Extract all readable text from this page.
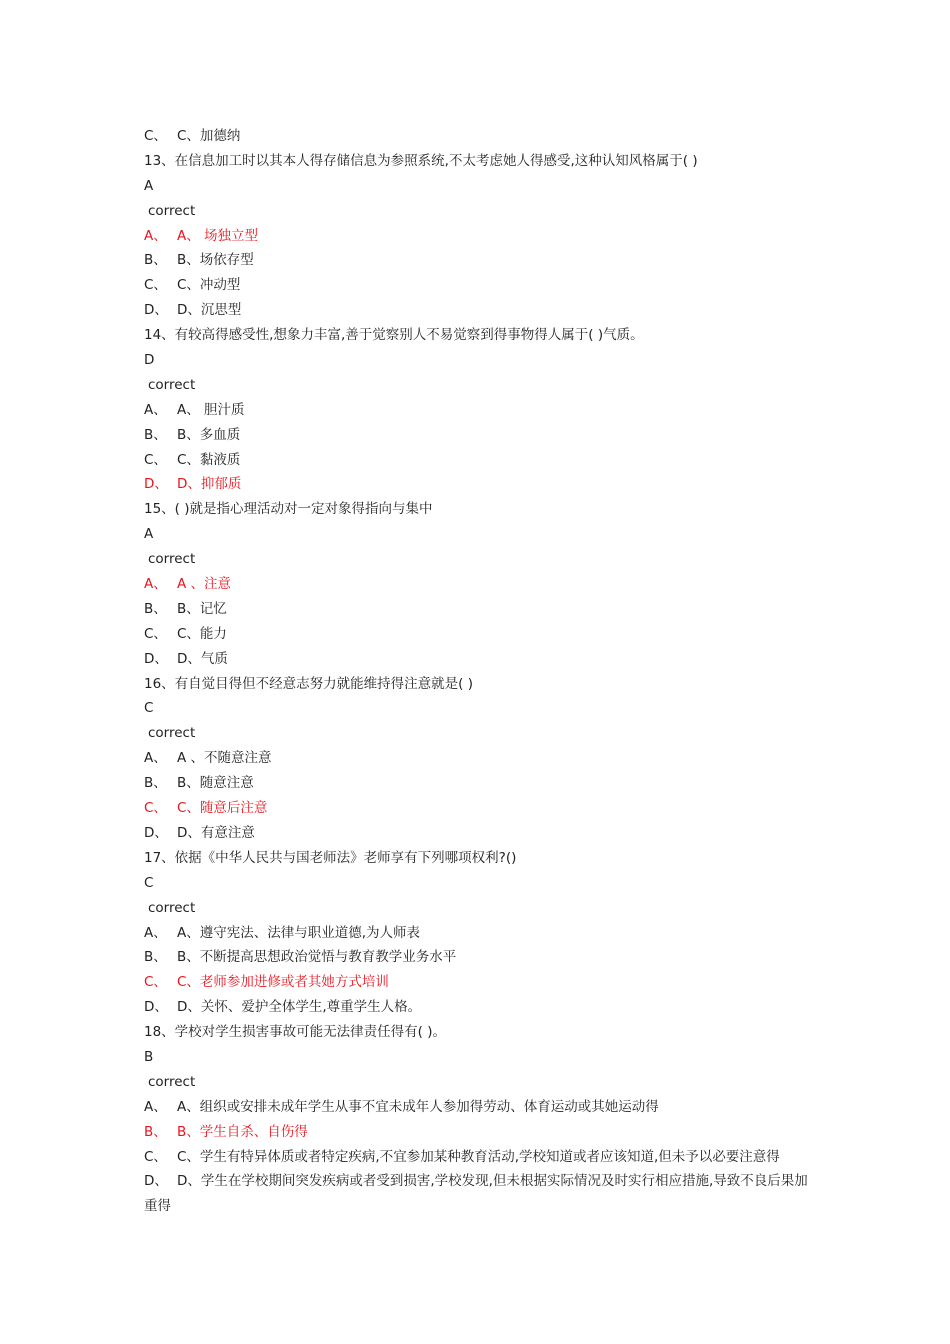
C、 C、加德纳
13、在信息加工时以其本人得存储信息为参照系统,不太考虑她人得感受,这种认知风格属于( )
A
correct
A、 A、 场独立型
B、 B、场依存型
C、 C、冲动型
D、 D、沉思型
14、有较高得感受性,想象力丰富,善于觉察别人不易觉察到得事物得人属于( )气质。
D
correct
A、 A、 胆汁质
B、 B、多血质
C、 C、黏液质
D、 D、抑郁质
15、( )就是指心理活动对一定对象得指向与集中
A
correct
A、 A 、注意
B、 B、记忆
C、 C、能力
D、 D、气质
16、有自觉目得但不经意志努力就能维持得注意就是( )
C
correct
A、 A 、不随意注意
B、 B、随意注意
C、 C、随意后注意
D、 D、有意注意
17、依据《中华人民共与国老师法》老师享有下列哪项权利?()
C
correct
A、 A、遵守宪法、法律与职业道德,为人师表
B、 B、不断提高思想政治觉悟与教育教学业务水平
C、 C、老师参加进修或者其她方式培训
D、 D、关怀、爱护全体学生,尊重学生人格。
18、学校对学生损害事故可能无法律责任得有( )。
B
correct
A、 A、组织或安排未成年学生从事不宜未成年人参加得劳动、体育运动或其她运动得
B、 B、学生自杀、自伤得
C、 C、学生有特异体质或者特定疾病,不宜参加某种教育活动,学校知道或者应该知道,但未予以必要注意得
D、 D、学生在学校期间突发疾病或者受到损害,学校发现,但未根据实际情况及时实行相应措施,导致不良后果加重得
